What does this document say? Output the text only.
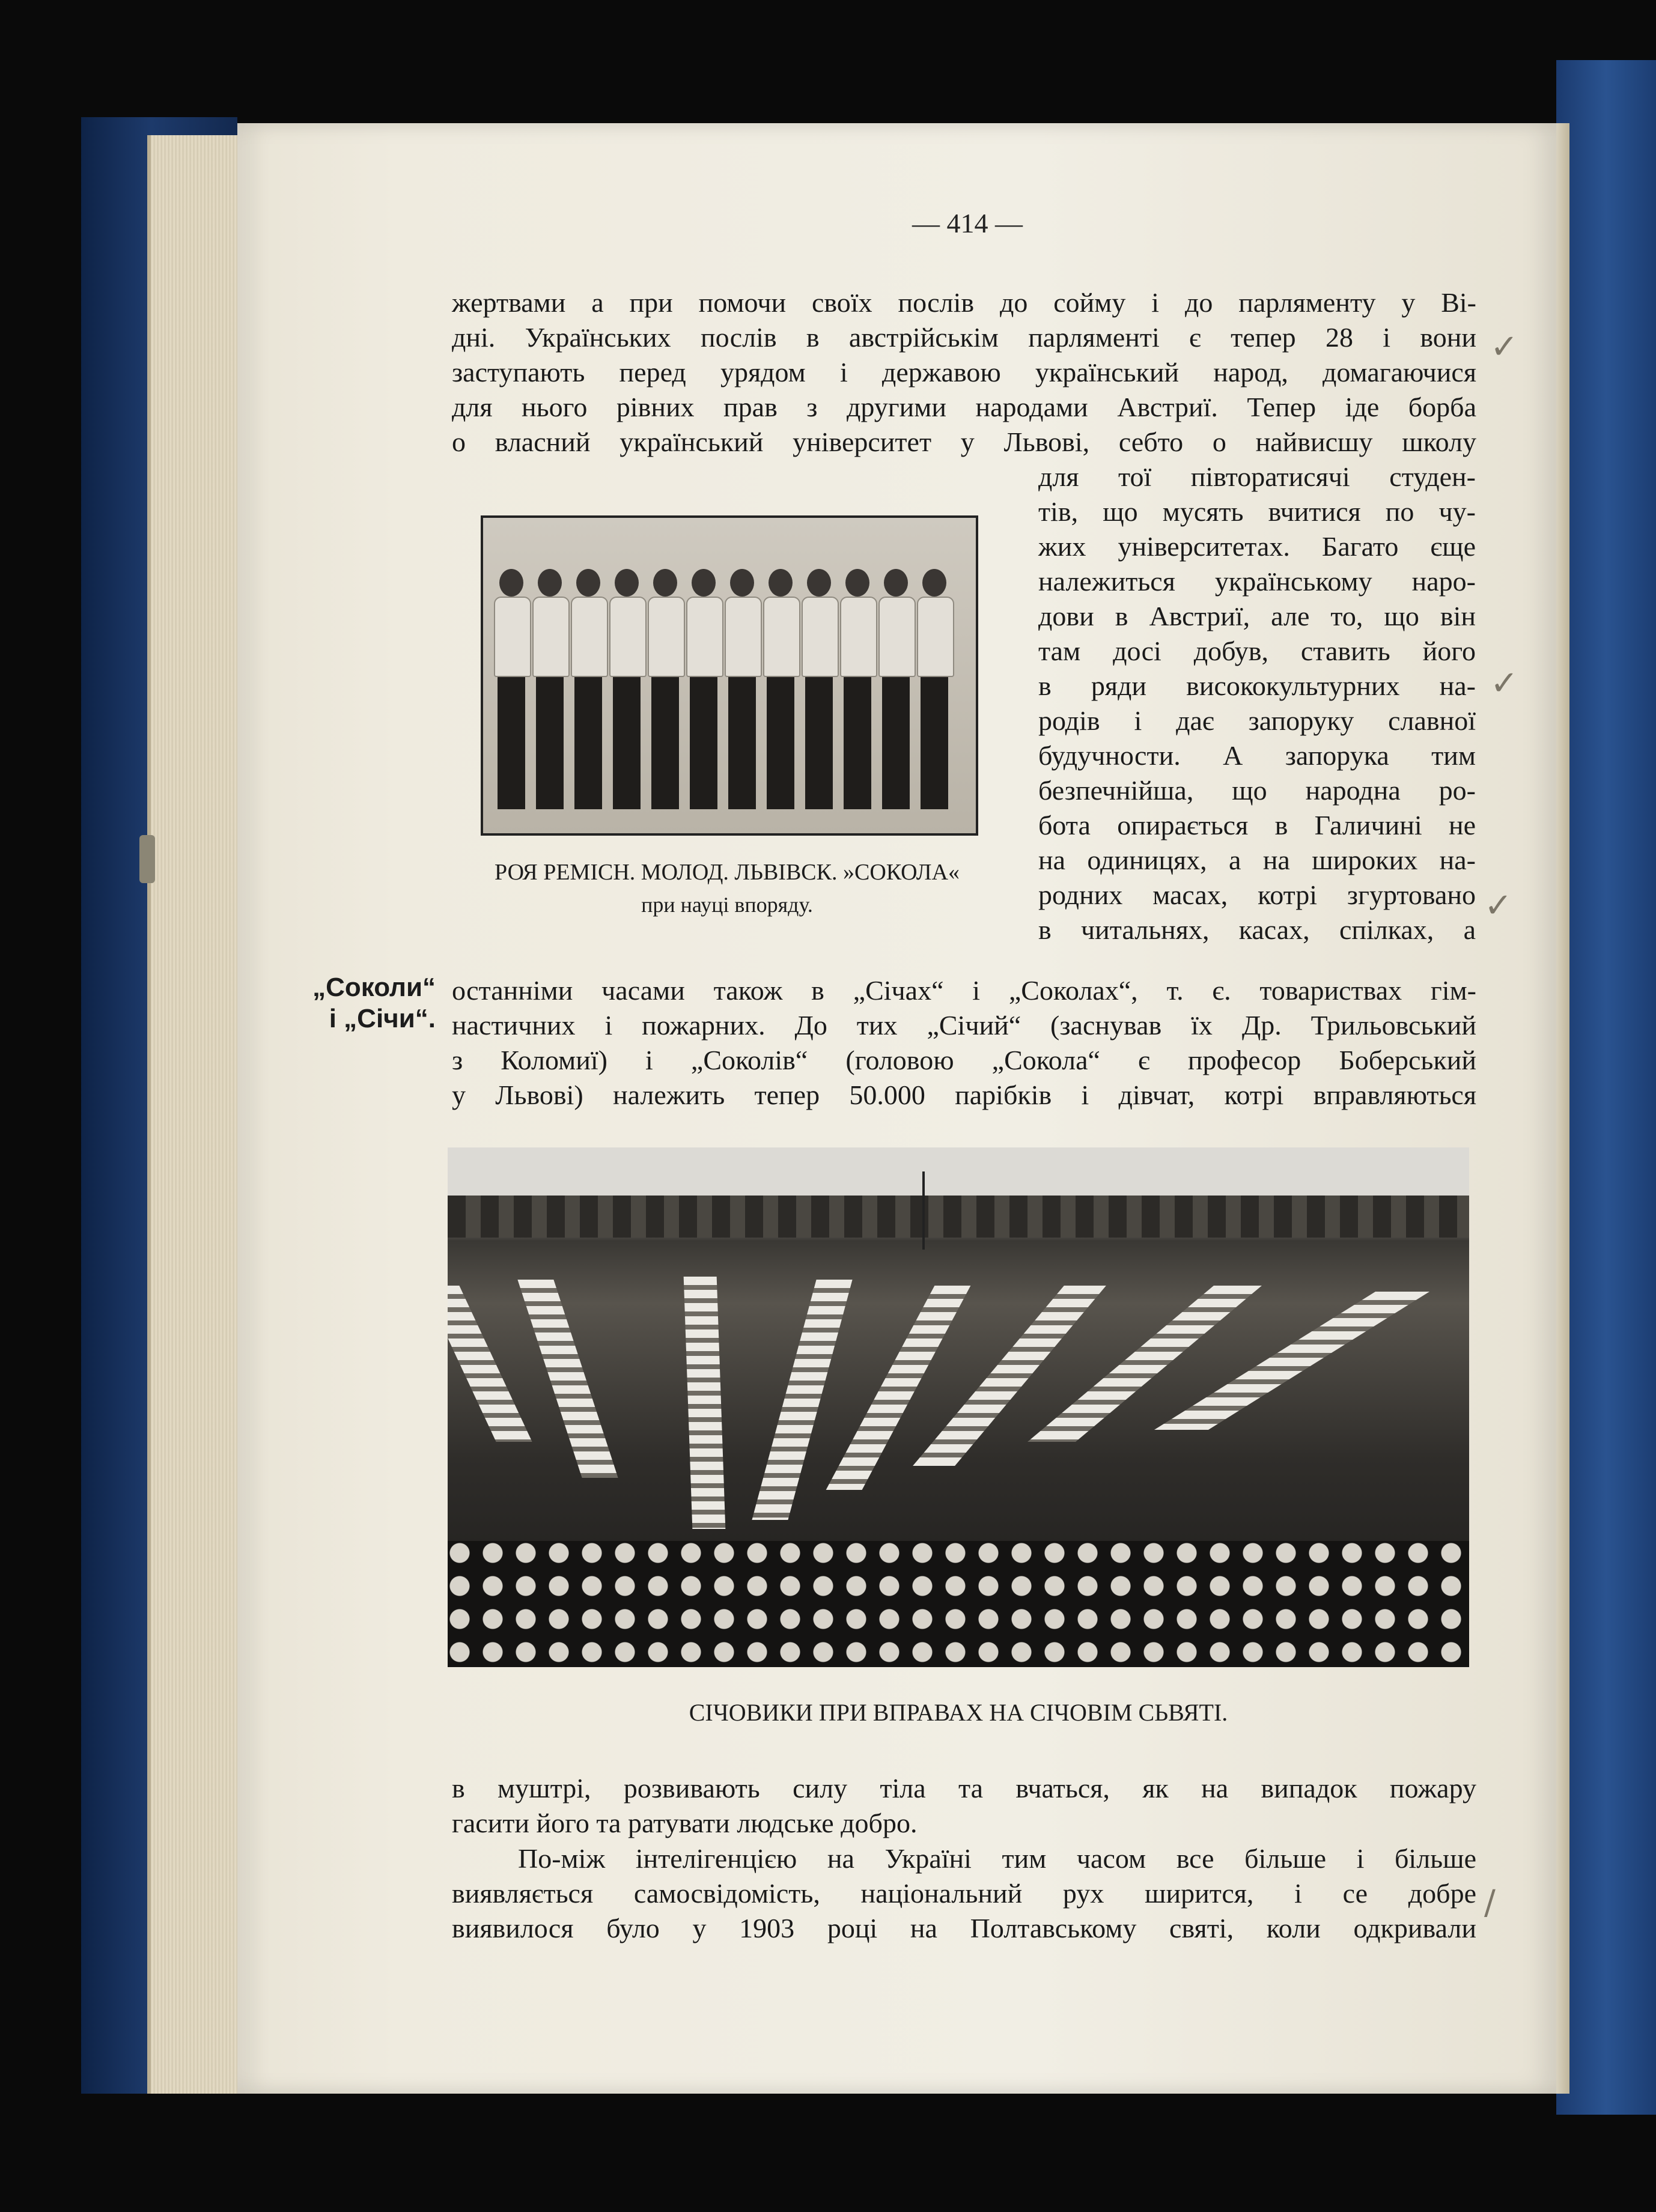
— 414 —
жертвами а при помочи своїх послів до сойму і до парляменту у Ві-
дні. Українських послів в австрійськім парляменті є тепер 28 і вони
заступають перед урядом і державою український народ, домагаючися
для нього рівних прав з другими народами Австриї. Тепер іде борба
о власний український університет у Львові, себто о найвисшу школу
для тої півторатисячі студен-
тів, що мусять вчитися по чу-
жих університетах. Багато єще
належиться українському наро-
дови в Австриї, але то, що він
там досі добув, ставить його
в ряди висококультурних на-
родів і дає запоруку славної
будучности. А запорука тим
безпечнійша, що народна ро-
бота опирається в Галичині не
на одиницях, а на широких на-
родних масах, котрі згуртовано
в читальнях, касах, спілках, а
РОЯ РЕМІСН. МОЛОД. ЛЬВІВСК. »СОКОЛА«
при науці впоряду.
„Соколи“
і „Січи“.
останніми часами також в „Січах“ і „Соколах“, т. є. товариствах гім-
настичних і пожарних. До тих „Січий“ (заснував їх Др. Трильовський
з Коломиї) і „Соколів“ (головою „Сокола“ є професор Боберський
у Львові) належить тепер 50.000 парібків і дівчат, котрі вправляються
СІЧОВИКИ ПРИ ВПРАВАХ НА СІЧОВІМ СЬВЯТІ.
в муштрі, розвивають силу тіла та вчаться, як на випадок пожару
гасити його та ратувати людське добро.
По-між інтелігенцією на Україні тим часом все більше і більше
виявляється самосвідомість, національний рух ширится, і се добре
виявилося було у 1903 році на Полтавському святі, коли одкривали
✓
✓
✓
/
